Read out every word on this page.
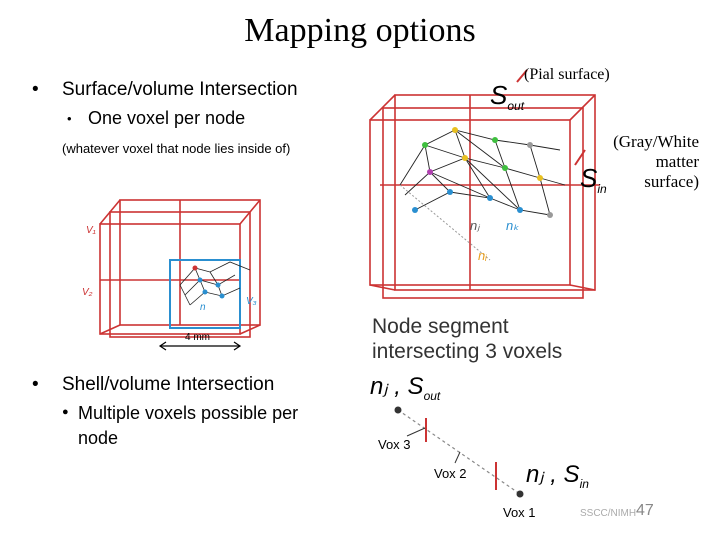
Mapping options
• Surface/volume Intersection
• One voxel per node
(whatever voxel that node lies inside of)
• Shell/volume Intersection
● Multiple voxels possible per
node
V₁
V₂
V₃
n
4 mm
(Pial surface)
$S_{out}$
(Gray/White
matter
surface)
$S_{in}$
nⱼ nₖ
nᵢ
Node segment
intersecting 3 voxels
nⱼ , $S_{out}$
nⱼ , $S_{in}$
Vox 3
Vox 2
Vox 1	SSCC/NIMH 47
